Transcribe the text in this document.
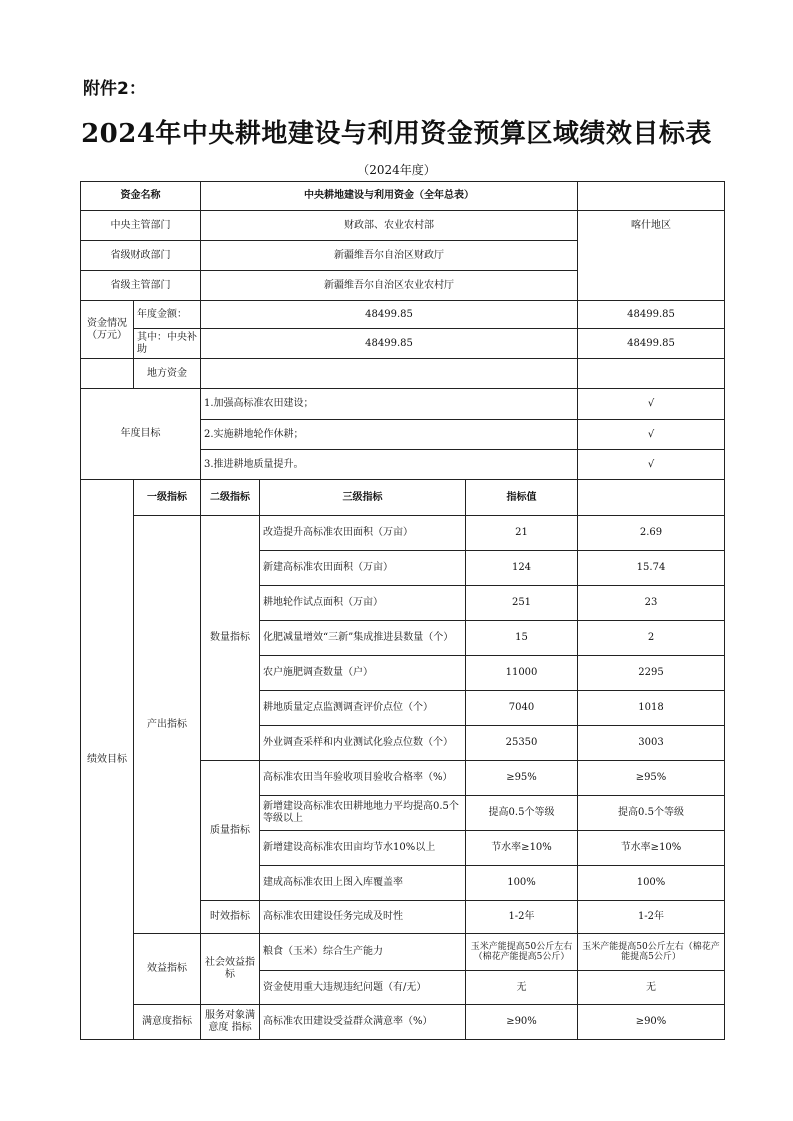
附件2：
2024年中央耕地建设与利用资金预算区域绩效目标表
（2024年度）
资金名称		中央耕地建设与利用资金（全年总表）			
中央主管部门		财政部、农业农村部			喀什地区
省级财政部门		新疆维吾尔自治区财政厅			
省级主管部门		新疆维吾尔自治区农业农村厅			
资金情况（万元）	年度金额：	48499.85			48499.85
	其中：中央补助	48499.85			48499.85
	地方资金				
年度目标		1.加强高标准农田建设；			√
		2.实施耕地轮作休耕；			√
		3.推进耕地质量提升。			√
绩效目标	一级指标	二级指标	三级指标	指标值	
	产出指标	数量指标	改造提升高标准农田面积（万亩）	21	2.69
			新建高标准农田面积（万亩）	124	15.74
			耕地轮作试点面积（万亩）	251	23
			化肥减量增效“三新”集成推进县数量（个）	15	2
			农户施肥调查数量（户）	11000	2295
			耕地质量定点监测调查评价点位（个）	7040	1018
			外业调查采样和内业测试化验点位数（个）	25350	3003
		质量指标	高标准农田当年验收项目验收合格率（%）	≥95%	≥95%
			新增建设高标准农田耕地地力平均提高0.5个等级以上	提高0.5个等级	提高0.5个等级
			新增建设高标准农田亩均节水10%以上	节水率≥10%	节水率≥10%
			建成高标准农田上图入库覆盖率	100%	100%
		时效指标	高标准农田建设任务完成及时性	1-2年	1-2年
	效益指标	社会效益指标	粮食（玉米）综合生产能力	玉米产能提高50公斤左右（棉花产能提高5公斤）	玉米产能提高50公斤左右（棉花产能提高5公斤）
			资金使用重大违规违纪问题（有/无）	无	无
	满意度指标	服务对象满意度 指标	高标准农田建设受益群众满意率（%）	≥90%	≥90%
